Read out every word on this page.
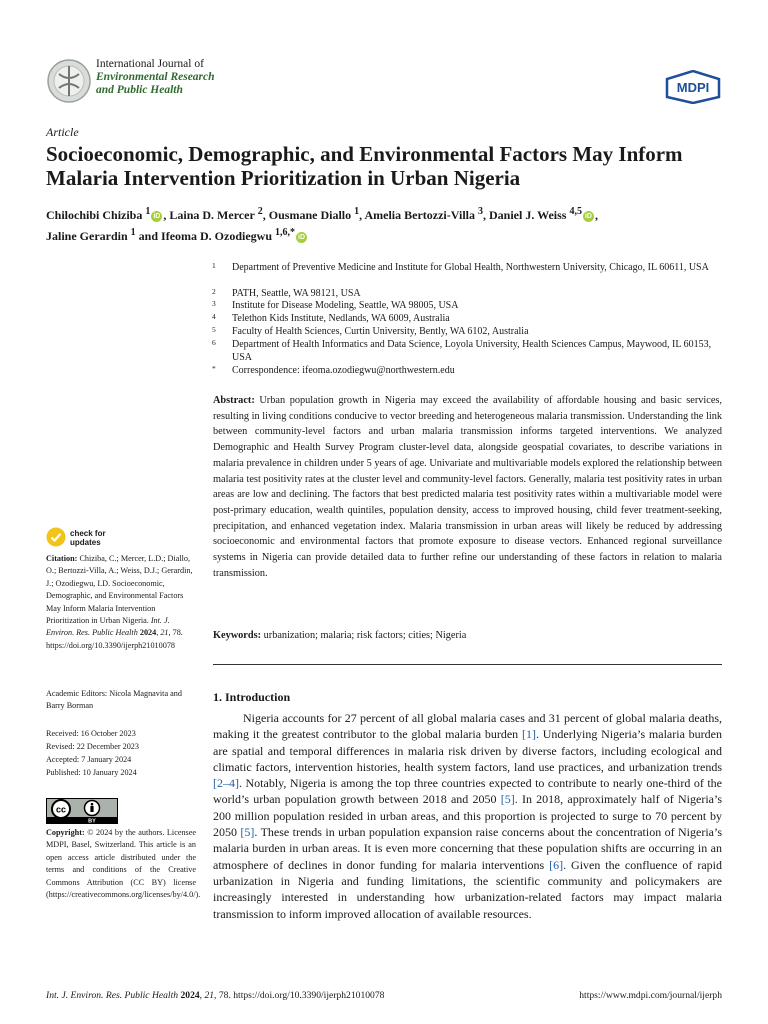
International Journal of
Environmental Research
and Public Health	MDPI
Article
Socioeconomic, Demographic, and Environmental Factors May Inform Malaria Intervention Prioritization in Urban Nigeria
Chilochibi Chiziba $^1$ iD , Laina D. Mercer $^2$, Ousmane Diallo $^1$, Amelia Bertozzi-Villa $^3$, Daniel J. Weiss $^{4,5}$ iD ,
Jaline Gerardin $^1$ and Ifeoma D. Ozodiegwu $^{1,6,*}$ iD
1 Department of Preventive Medicine and Institute for Global Health, Northwestern University, Chicago, IL 60611, USA
2 PATH, Seattle, WA 98121, USA
3 Institute for Disease Modeling, Seattle, WA 98005, USA
4 Telethon Kids Institute, Nedlands, WA 6009, Australia
5 Faculty of Health Sciences, Curtin University, Bently, WA 6102, Australia
6 Department of Health Informatics and Data Science, Loyola University, Health Sciences Campus, Maywood, IL 60153, USA
* Correspondence: ifeoma.ozodiegwu@northwestern.edu
Abstract: Urban population growth in Nigeria may exceed the availability of affordable housing and basic services, resulting in living conditions conducive to vector breeding and heterogeneous malaria transmission. Understanding the link between community-level factors and urban malaria transmission informs targeted interventions. We analyzed Demographic and Health Survey Program cluster-level data, alongside geospatial covariates, to describe variations in malaria prevalence in children under 5 years of age. Univariate and multivariable models explored the relationship between malaria test positivity rates at the cluster level and community-level factors. Generally, malaria test positivity rates in urban areas are low and declining. The factors that best predicted malaria test positivity rates within a multivariable model were post-primary education, wealth quintiles, population density, access to improved housing, child fever treatment-seeking, precipitation, and enhanced vegetation index. Malaria transmission in urban areas will likely be reduced by addressing socioeconomic and environmental factors that promote exposure to disease vectors. Enhanced regional surveillance systems in Nigeria can provide detailed data to further refine our understanding of these factors in relation to malaria transmission.
Keywords: urbanization; malaria; risk factors; cities; Nigeria
1. Introduction
Nigeria accounts for 27 percent of all global malaria cases and 31 percent of global malaria deaths, making it the greatest contributor to the global malaria burden [1]. Underlying Nigeria’s malaria burden are spatial and temporal differences in malaria risk driven by diverse factors, including ecological and climatic factors, intervention histories, health system factors, land use practices, and urbanization trends [2–4]. Notably, Nigeria is among the top three countries expected to contribute to nearly one-third of the world’s urban population growth between 2018 and 2050 [5]. In 2018, approximately half of Nigeria’s 200 million population resided in urban areas, and this proportion is projected to surge to 70 percent by 2050 [5]. These trends in urban population expansion raise concerns about the concentration of Nigeria’s malaria burden in urban areas. It is even more concerning that these population shifts are occurring in an atmosphere of declines in donor funding for malaria interventions [6]. Given the confluence of rapid urbanization in Nigeria and funding limitations, the scientific community and policymakers are increasingly interested in understanding how urbanization-related factors may impact malaria transmission to inform improved allocation of available resources.
check for
updates
Citation: Chiziba, C.; Mercer, L.D.; Diallo, O.; Bertozzi-Villa, A.; Weiss, D.J.; Gerardin, J.; Ozodiegwu, I.D. Socioeconomic, Demographic, and Environmental Factors May Inform Malaria Intervention Prioritization in Urban Nigeria. Int. J. Environ. Res. Public Health 2024, 21, 78. https://doi.org/10.3390/ijerph21010078
Academic Editors: Nicola Magnavita and Barry Borman
Received: 16 October 2023
Revised: 22 December 2023
Accepted: 7 January 2024
Published: 10 January 2024
cc
BY
Copyright: © 2024 by the authors. Licensee MDPI, Basel, Switzerland. This article is an open access article distributed under the terms and conditions of the Creative Commons Attribution (CC BY) license (https://creativecommons.org/licenses/by/4.0/).
Int. J. Environ. Res. Public Health 2024, 21, 78. https://doi.org/10.3390/ijerph21010078	https://www.mdpi.com/journal/ijerph
